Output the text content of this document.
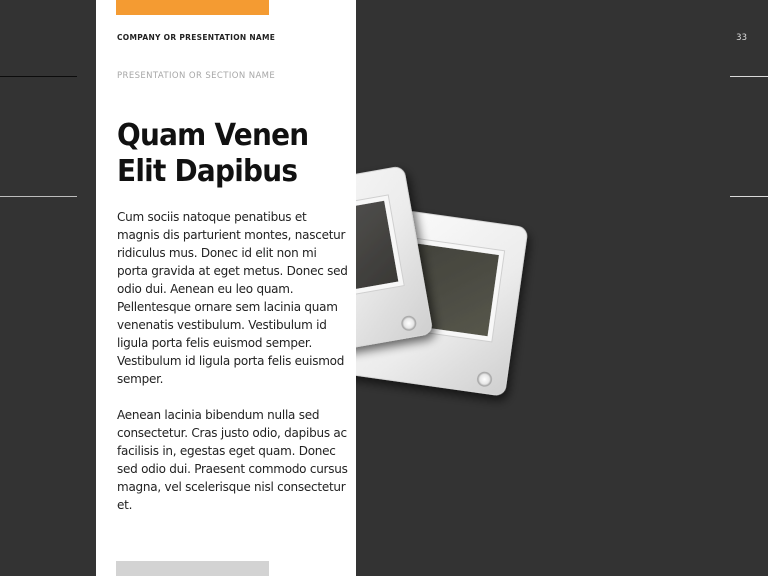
COMPANY OR PRESENTATION NAME
PRESENTATION OR SECTION NAME
Quam Venen
Elit Dapibus

Cum sociis natoque penatibus et magnis dis parturient montes, nascetur ridiculus mus. Donec id elit non mi porta gravida at eget metus. Donec sed odio dui. Aenean eu leo quam. Pellentesque ornare sem lacinia quam venenatis vestibulum. Vestibulum id ligula porta felis euismod semper. Vestibulum id ligula porta felis euismod semper.

Aenean lacinia bibendum nulla sed consectetur. Cras justo odio, dapibus ac facilisis in, egestas eget quam. Donec sed odio dui. Praesent commodo cursus magna, vel scelerisque nisl consectetur et.

33
